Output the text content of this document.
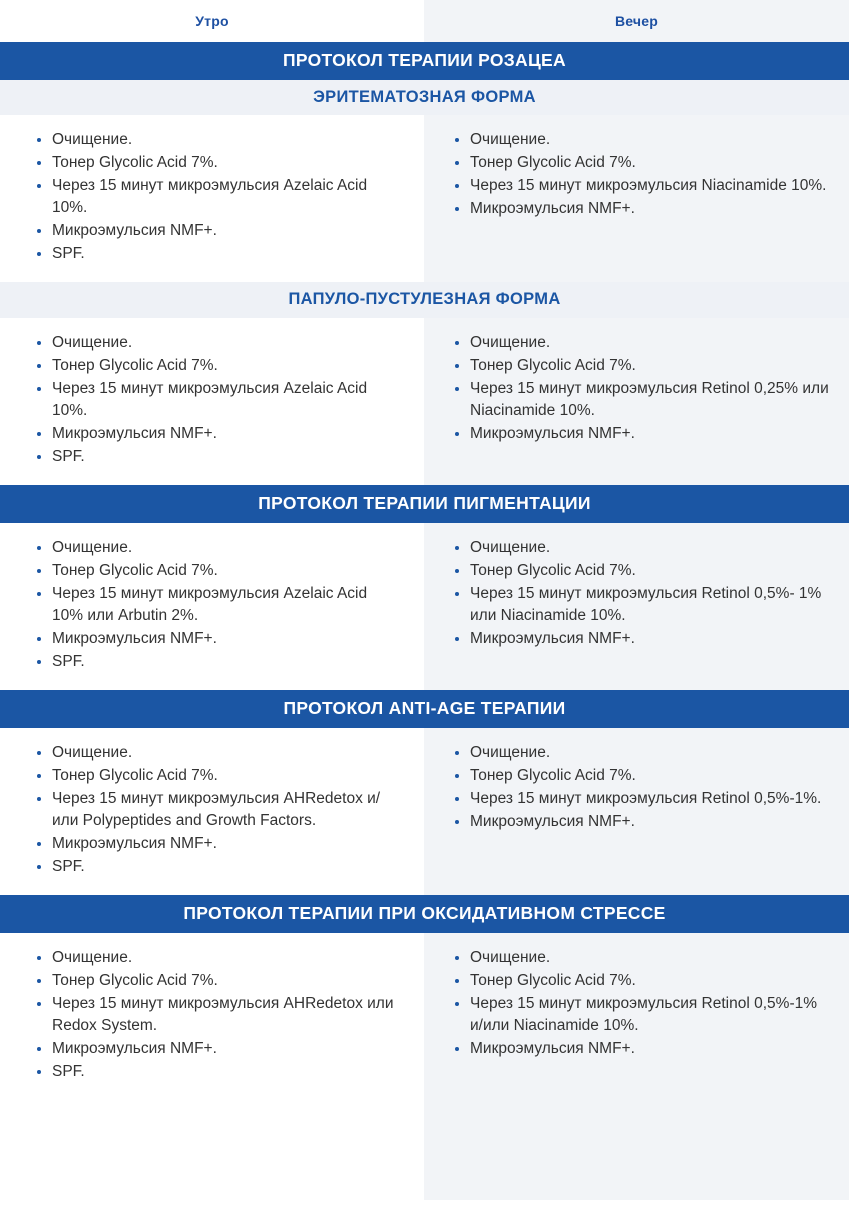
Утро	Вечер
ПРОТОКОЛ ТЕРАПИИ РОЗАЦЕА
ЭРИТЕМАТОЗНАЯ ФОРМА
Очищение.
Тонер Glycolic Acid 7%.
Через 15 минут микроэмульсия Azelaic Acid 10%.
Микроэмульсия NMF+.
SPF.
Очищение.
Тонер Glycolic Acid 7%.
Через 15 минут микроэмульсия Niacinamide 10%.
Микроэмульсия NMF+.
ПАПУЛО-ПУСТУЛЕЗНАЯ ФОРМА
Очищение.
Тонер Glycolic Acid 7%.
Через 15 минут микроэмульсия Azelaic Acid 10%.
Микроэмульсия NMF+.
SPF.
Очищение.
Тонер Glycolic Acid 7%.
Через 15 минут микроэмульсия Retinol 0,25% или Niacinamide 10%.
Микроэмульсия NMF+.
ПРОТОКОЛ ТЕРАПИИ ПИГМЕНТАЦИИ
Очищение.
Тонер Glycolic Acid 7%.
Через 15 минут микроэмульсия Azelaic Acid 10% или Arbutin 2%.
Микроэмульсия NMF+.
SPF.
Очищение.
Тонер Glycolic Acid 7%.
Через 15 минут микроэмульсия Retinol 0,5%- 1% или Niacinamide 10%.
Микроэмульсия NMF+.
ПРОТОКОЛ ANTI-AGE ТЕРАПИИ
Очищение.
Тонер Glycolic Acid 7%.
Через 15 минут микроэмульсия AHRedetox и/или Polypeptides and Growth Factors.
Микроэмульсия NMF+.
SPF.
Очищение.
Тонер Glycolic Acid 7%.
Через 15 минут микроэмульсия Retinol 0,5%-1%.
Микроэмульсия NMF+.
ПРОТОКОЛ ТЕРАПИИ ПРИ ОКСИДАТИВНОМ СТРЕССЕ
Очищение.
Тонер Glycolic Acid 7%.
Через 15 минут микроэмульсия AHRedetox или Redox System.
Микроэмульсия NMF+.
SPF.
Очищение.
Тонер Glycolic Acid 7%.
Через 15 минут микроэмульсия Retinol 0,5%-1% и/или Niacinamide 10%.
Микроэмульсия NMF+.
